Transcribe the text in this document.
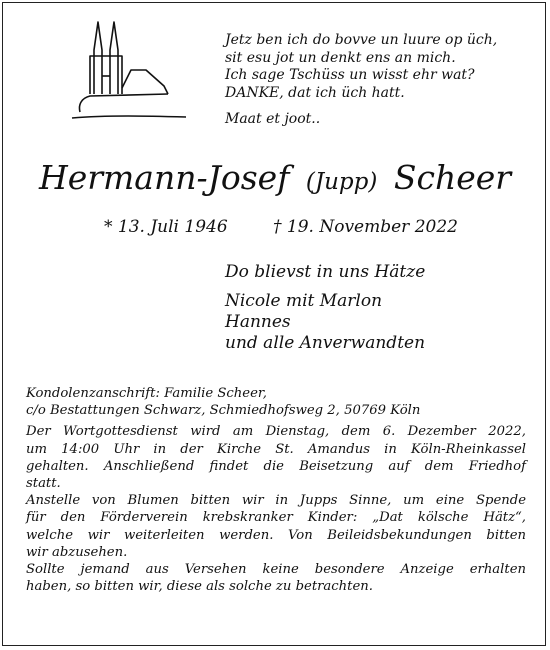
Jetz ben ich do bovve un luure op üch,
sit esu jot un denkt ens an mich.
Ich sage Tschüss un wisst ehr wat?
DANKE, dat ich üch hatt.
Maat et joot..
Hermann-Josef (Jupp) Scheer
* 13. Juli 1946	† 19. November 2022
Do blievst in uns Hätze
Nicole mit Marlon
Hannes
und alle Anverwandten
Kondolenzanschrift: Familie Scheer,
c/o Bestattungen Schwarz, Schmiedhofsweg 2, 50769 Köln
Der Wortgottesdienst wird am Dienstag, dem 6. Dezember 2022,
um 14:00 Uhr in der Kirche St. Amandus in Köln-Rheinkassel
gehalten. Anschließend findet die Beisetzung auf dem Friedhof
statt.
Anstelle von Blumen bitten wir in Jupps Sinne, um eine Spende
für den Förderverein krebskranker Kinder: „Dat kölsche Hätz“,
welche wir weiterleiten werden. Von Beileidsbekundungen bitten
wir abzusehen.
Sollte jemand aus Versehen keine besondere Anzeige erhalten
haben, so bitten wir, diese als solche zu betrachten.
